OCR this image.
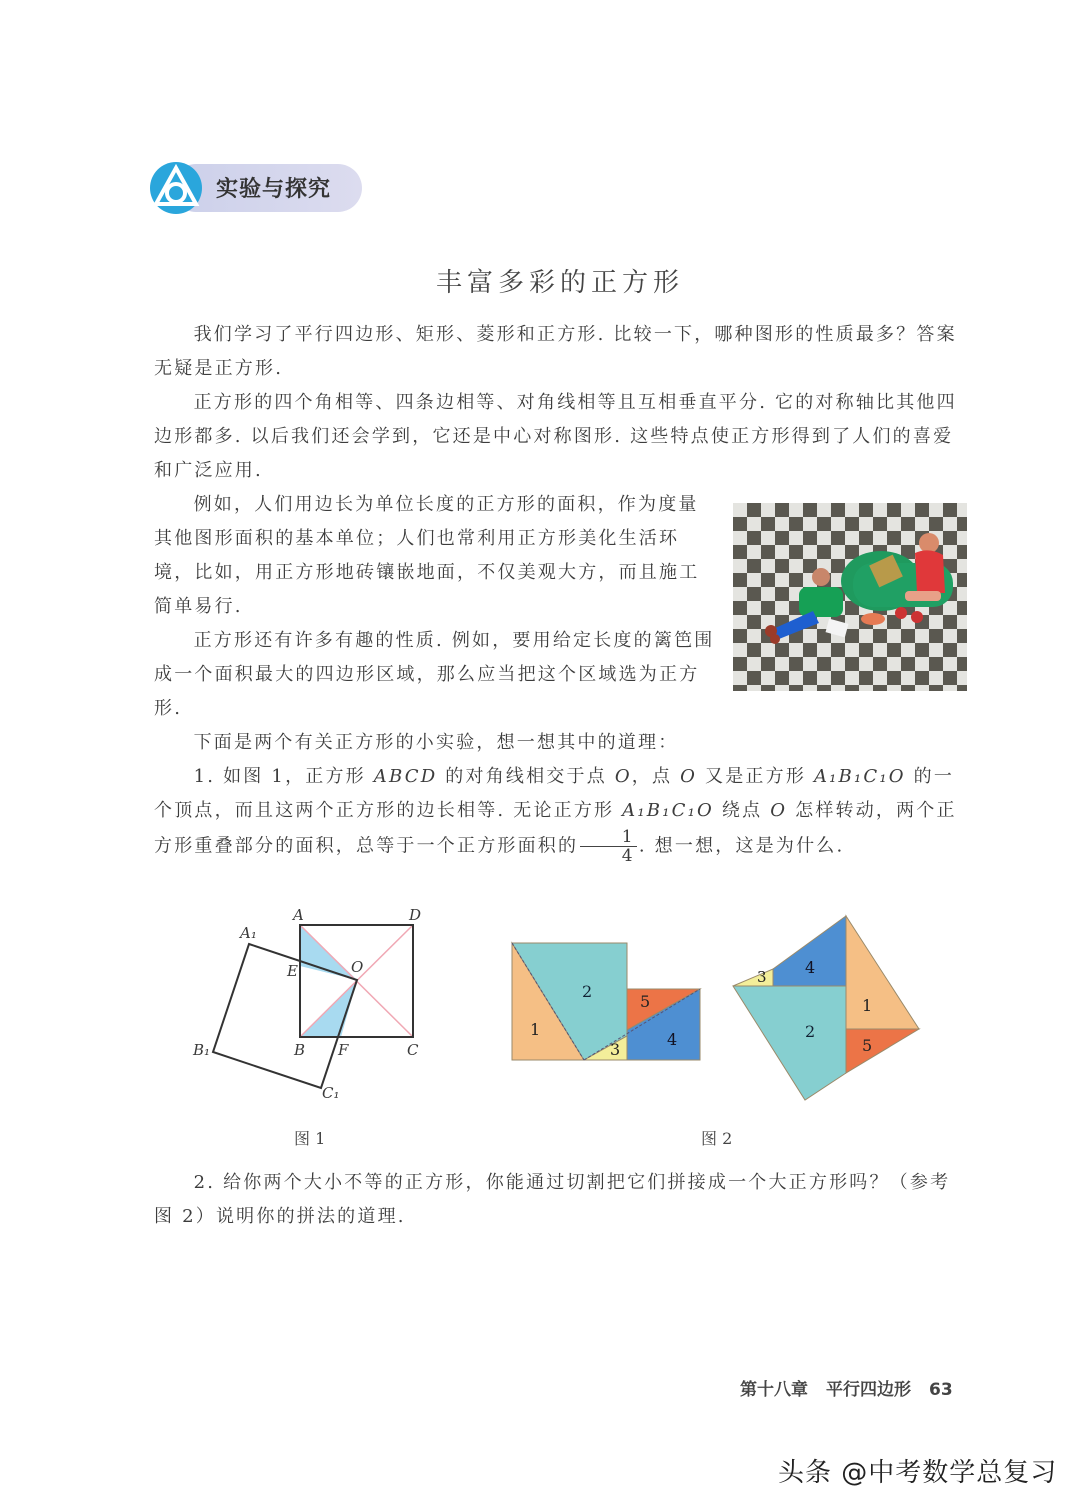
实验与探究
丰富多彩的正方形
我们学习了平行四边形、矩形、菱形和正方形. 比较一下，哪种图形的性质最多？答案无疑是正方形.
正方形的四个角相等、四条边相等、对角线相等且互相垂直平分. 它的对称轴比其他四边形都多. 以后我们还会学到，它还是中心对称图形. 这些特点使正方形得到了人们的喜爱和广泛应用.
例如，人们用边长为单位长度的正方形的面积，作为度量其他图形面积的基本单位；人们也常利用正方形美化生活环境，比如，用正方形地砖镶嵌地面，不仅美观大方，而且施工简单易行.
正方形还有许多有趣的性质. 例如，要用给定长度的篱笆围成一个面积最大的四边形区域，那么应当把这个区域选为正方形.
下面是两个有关正方形的小实验，想一想其中的道理：
1. 如图 1，正方形 ABCD 的对角线相交于点 O，点 O 又是正方形 A₁B₁C₁O 的一个顶点，而且这两个正方形的边长相等. 无论正方形 A₁B₁C₁O 绕点 O 怎样转动，两个正方形重叠部分的面积，总等于一个正方形面积的 $\frac{1}{4}$ . 想一想，这是为什么.
A	D
A₁
E	O
B₁	B F	C
C₁
图 1
1
2
3
4
5
3 4
1
2
5
图 2
2. 给你两个大小不等的正方形，你能通过切割把它们拼接成一个大正方形吗？（参考图 2）说明你的拼法的道理.
第十八章 平行四边形 63
头条 @中考数学总复习
